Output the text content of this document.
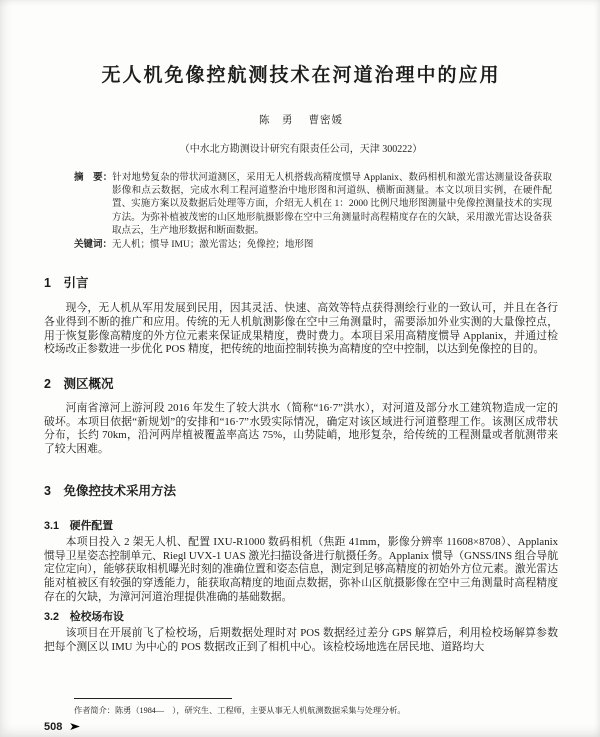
无人机免像控航测技术在河道治理中的应用
陈　勇　 曹密媛
（中水北方勘测设计研究有限责任公司，天津 300222）

摘　要：针对地势复杂的带状河道测区，采用无人机搭载高精度惯导 Applanix、数码相机和激光雷达测量设备获取影像和点云数据，完成水利工程河道整治中地形图和河道纵、横断面测量。本文以项目实例，在硬件配置、实施方案以及数据后处理等方面，介绍无人机在 1：2000 比例尺地形图测量中免像控测量技术的实现方法。为弥补植被茂密的山区地形航摄影像在空中三角测量时高程精度存在的欠缺，采用激光雷达设备获取点云，生产地形数据和断面数据。

关键词：无人机；惯导 IMU；激光雷达；免像控；地形图

1　引言

现今，无人机从军用发展到民用，因其灵活、快速、高效等特点获得测绘行业的一致认可，并且在各行各业得到不断的推广和应用。传统的无人机航测影像在空中三角测量时，需要添加外业实测的大量像控点，用于恢复影像高精度的外方位元素来保证成果精度，费时费力。本项目采用高精度惯导 Applanix，并通过检校场改正参数进一步优化 POS 精度，把传统的地面控制转换为高精度的空中控制，以达到免像控的目的。

2　测区概况

河南省漳河上游河段 2016 年发生了较大洪水（简称“16·7”洪水），对河道及部分水工建筑物造成一定的破坏。本项目依据“新规划”的安排和“16·7”水毁实际情况，确定对该区域进行河道整理工作。该测区成带状分布，长约 70km，沿河两岸植被覆盖率高达 75%，山势陡峭，地形复杂，给传统的工程测量或者航测带来了较大困难。

3　免像控技术采用方法
3.1　硬件配置

本项目投入 2 架无人机、配置 IXU-R1000 数码相机（焦距 41mm，影像分辨率 11608×8708）、Applanix 惯导卫星姿态控制单元、Riegl UVX-1 UAS 激光扫描设备进行航摄任务。Applanix 惯导（GNSS/INS 组合导航定位定向），能够获取相机曝光时刻的准确位置和姿态信息，测定到足够高精度的初始外方位元素。激光雷达能对植被区有较强的穿透能力，能获取高精度的地面点数据，弥补山区航摄影像在空中三角测量时高程精度存在的欠缺，为漳河河道治理提供准确的基础数据。

3.2　检校场布设

该项目在开展前飞了检校场，后期数据处理时对 POS 数据经过差分 GPS 解算后，利用检校场解算参数把每个测区以 IMU 为中心的 POS 数据改正到了相机中心。该检校场地选在居民地、道路均大

作者简介：陈勇（1984—　），研究生、工程师，主要从事无人机航测数据采集与处理分析。

508 ➤
